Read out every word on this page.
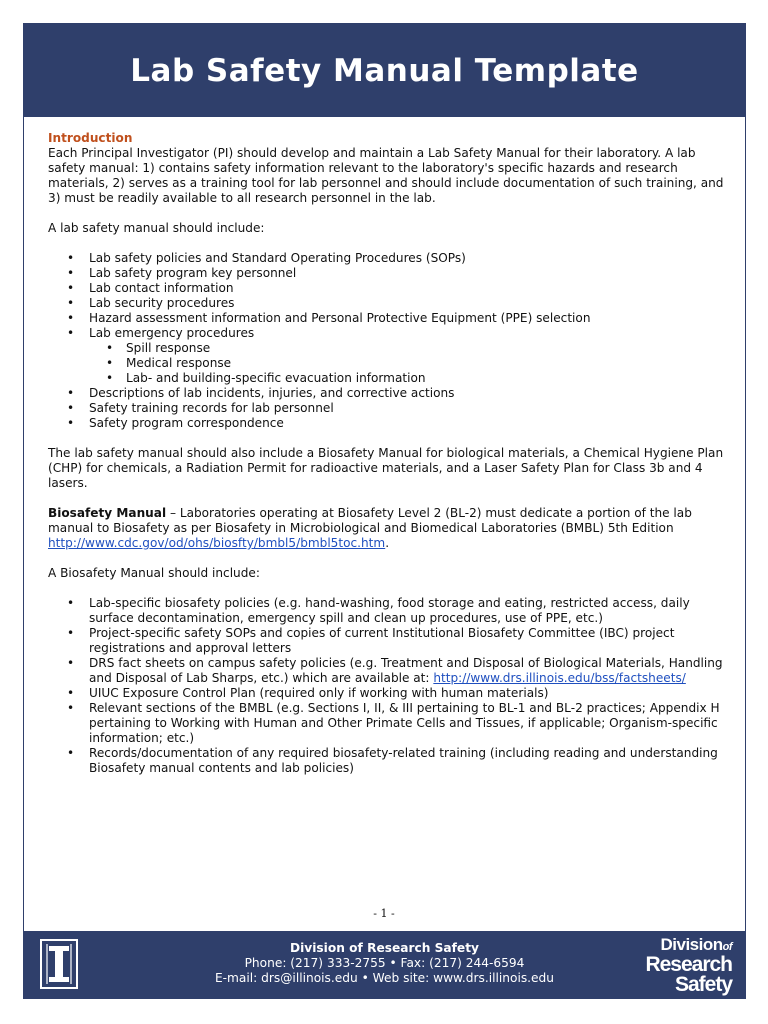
Lab Safety Manual Template

Introduction
Each Principal Investigator (PI) should develop and maintain a Lab Safety Manual for their laboratory. A lab safety manual: 1) contains safety information relevant to the laboratory's specific hazards and research materials, 2) serves as a training tool for lab personnel and should include documentation of such training, and 3) must be readily available to all research personnel in the lab.

A lab safety manual should include:

• Lab safety policies and Standard Operating Procedures (SOPs)
• Lab safety program key personnel
• Lab contact information
• Lab security procedures
• Hazard assessment information and Personal Protective Equipment (PPE) selection
• Lab emergency procedures
• Spill response
• Medical response
• Lab- and building-specific evacuation information
• Descriptions of lab incidents, injuries, and corrective actions
• Safety training records for lab personnel
• Safety program correspondence

The lab safety manual should also include a Biosafety Manual for biological materials, a Chemical Hygiene Plan (CHP) for chemicals, a Radiation Permit for radioactive materials, and a Laser Safety Plan for Class 3b and 4 lasers.

Biosafety Manual – Laboratories operating at Biosafety Level 2 (BL-2) must dedicate a portion of the lab manual to Biosafety as per Biosafety in Microbiological and Biomedical Laboratories (BMBL) 5th Edition http://www.cdc.gov/od/ohs/biosfty/bmbl5/bmbl5toc.htm.

A Biosafety Manual should include:

• Lab-specific biosafety policies (e.g. hand-washing, food storage and eating, restricted access, daily surface decontamination, emergency spill and clean up procedures, use of PPE, etc.)
• Project-specific safety SOPs and copies of current Institutional Biosafety Committee (IBC) project registrations and approval letters
• DRS fact sheets on campus safety policies (e.g. Treatment and Disposal of Biological Materials, Handling and Disposal of Lab Sharps, etc.) which are available at: http://www.drs.illinois.edu/bss/factsheets/
• UIUC Exposure Control Plan (required only if working with human materials)
• Relevant sections of the BMBL (e.g. Sections I, II, & III pertaining to BL-1 and BL-2 practices; Appendix H pertaining to Working with Human and Other Primate Cells and Tissues, if applicable; Organism-specific information; etc.)
• Records/documentation of any required biosafety-related training (including reading and understanding Biosafety manual contents and lab policies)
- 1 -
Division of Research Safety
Phone: (217) 333-2755 • Fax: (217) 244-6594
E-mail: drs@illinois.edu • Web site: www.drs.illinois.edu
Divisionof
Research
Safety
